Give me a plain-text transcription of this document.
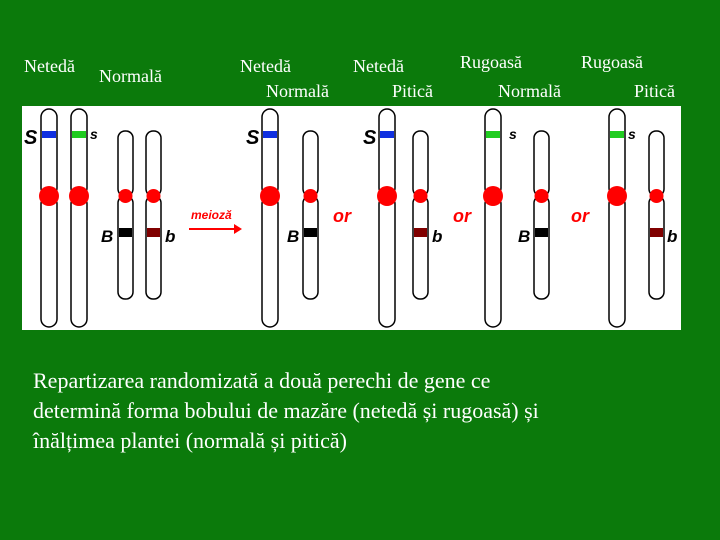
Netedă Normală	Netedă
Normală
Netedă
Pitică
Rugoasă
Normală
Rugoasă
Pitică
S	s
B	b
meioză
S
B
or
S
b
or
s
B
or
s
b
Repartizarea randomizată a două perechi de gene ce
determină forma bobului de mazăre (netedă și rugoasă) și
înălțimea plantei (normală și pitică)
